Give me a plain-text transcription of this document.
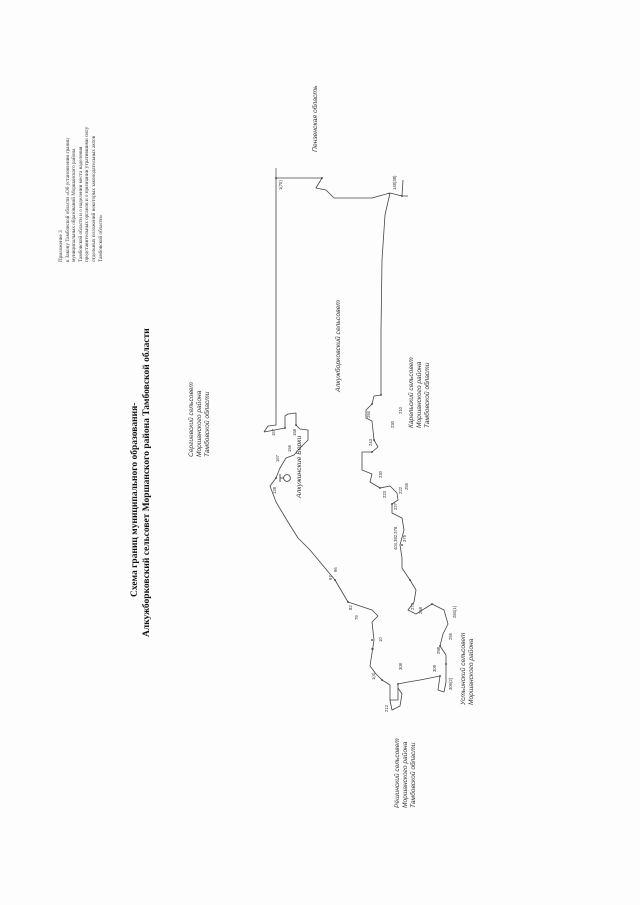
Приложение 3
к Закону Тамбовской области «Об установлении границ
муниципальных образований Моршанского района
Тамбовской области и о наделении места наделения
представительных органов и о признании утратившими силу
отдельных положений некоторых законодательных актов
Тамбовской области»
Схема границ муниципального образования- Алкужборковский сельсовет Моршанского района Тамбовской области
Пензенская область
Сергиевский сельсовет
Моршанского района
Тамбовской области
Алкужинские Борки
Алкужборковский сельсовет
Карельский сельсовет
Моршанского района
Тамбовской области
Устьинский сельсовет
Моршанского района
Рёшинский сельсовет
Моршанского района
Тамбовской области
1(70)	148(38)
157
156
158
167
128
97
96
82
79
8
10
1(4)
212
308	309
306(2)
298
256
284(1)
273
268
404,382,378 375
227
222
223
255
230
243
294
230
210
